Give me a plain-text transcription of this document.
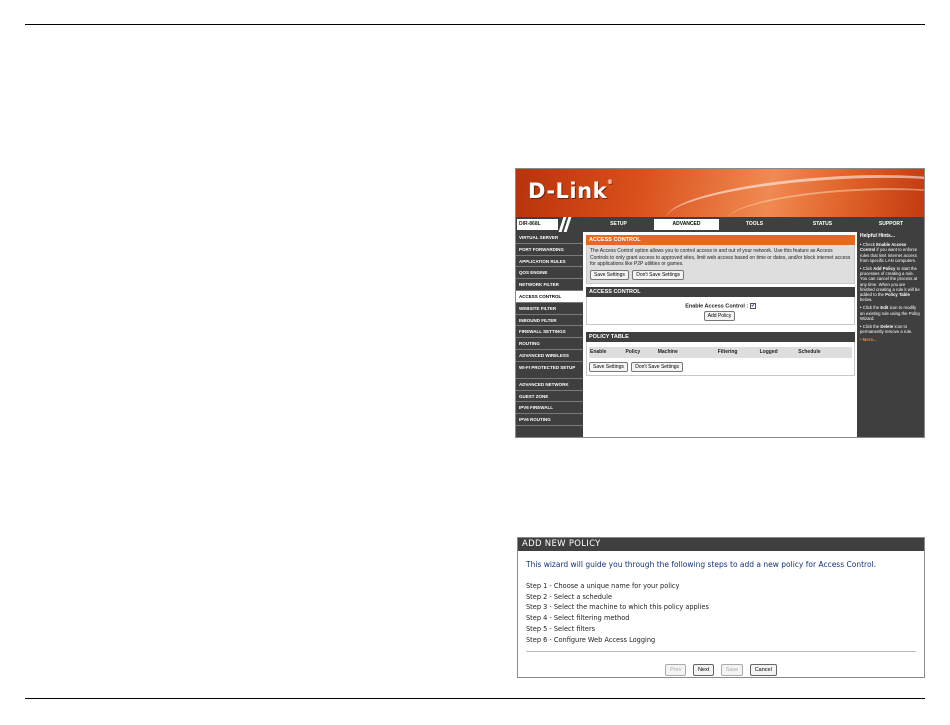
D-Link®
DIR-868L	SETUP	ADVANCED	TOOLS	STATUS	SUPPORT
VIRTUAL SERVER
PORT FORWARDING
APPLICATION RULES
QOS ENGINE
NETWORK FILTER
ACCESS CONTROL
WEBSITE FILTER
INBOUND FILTER
FIREWALL SETTINGS
ROUTING
ADVANCED WIRELESS
WI-FI PROTECTED SETUP
ADVANCED NETWORK
GUEST ZONE
IPV6 FIREWALL
IPV6 ROUTING
ACCESS CONTROL
The Access Control option allows you to control access in and out of your network. Use this feature as Access Controls to only grant access to approved sites, limit web access based on time or dates, and/or block internet access for applications like P2P utilities or games.
Save Settings Don't Save Settings
ACCESS CONTROL
Enable Access Control : ✓
Add Policy
POLICY TABLE
Enable	Policy	Machine	Filtering	Logged	Schedule	
Save Settings Don't Save Settings
Helpful Hints...

• Check Enable Access Control if you want to enforce rules that limit Internet access from specific LAN computers.

• Click Add Policy to start the processes of creating a rule. You can cancel the process at any time. When you are finished creating a rule it will be added to the Policy Table below.

• Click the Edit icon to modify an existing rule using the Policy Wizard.

• Click the Delete icon to permanently remove a rule.

• More...

ADD NEW POLICY
This wizard will guide you through the following steps to add a new policy for Access Control.
Step 1 - Choose a unique name for your policy
Step 2 - Select a schedule
Step 3 - Select the machine to which this policy applies
Step 4 - Select filtering method
Step 5 - Select filters
Step 6 - Configure Web Access Logging
Prev	Next	Save	Cancel
